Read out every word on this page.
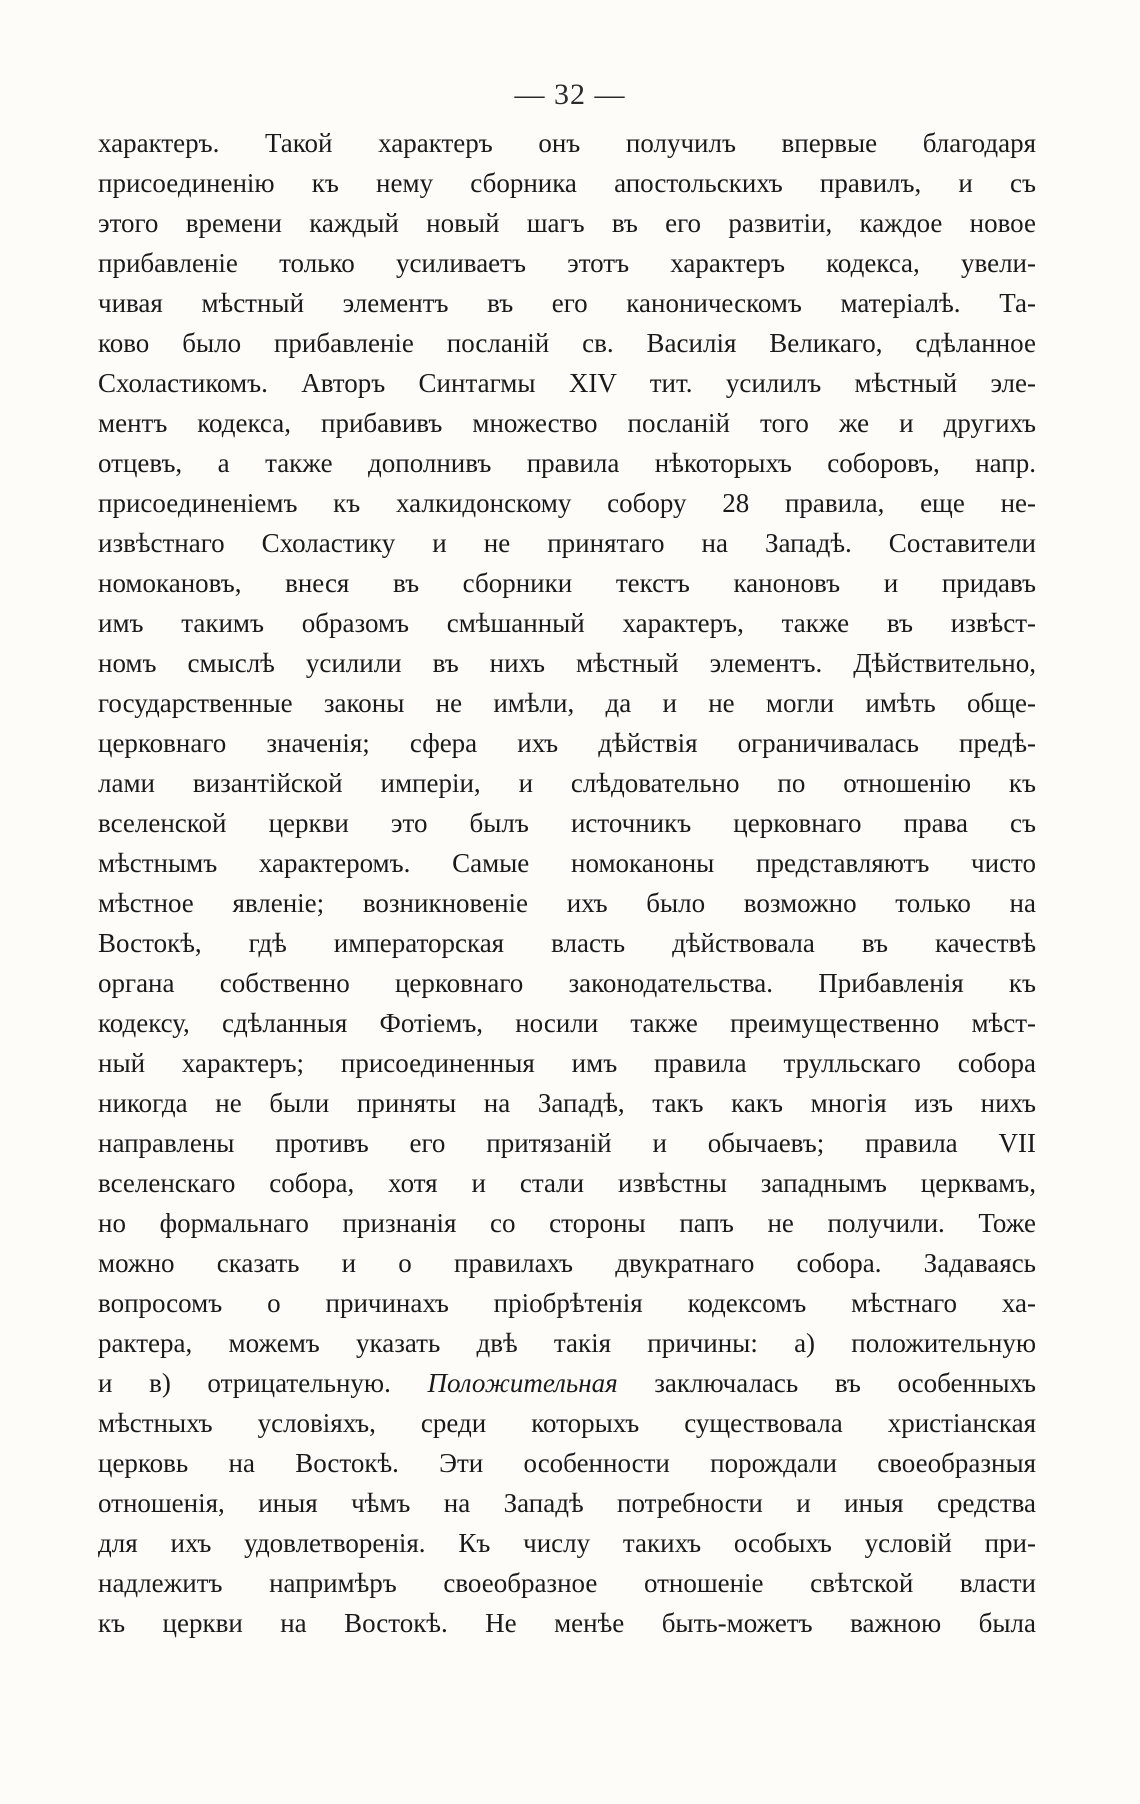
— 32 —
характеръ. Такой характеръ онъ получилъ впервые благодаря
присоединенію къ нему сборника апостольскихъ правилъ, и съ
этого времени каждый новый шагъ въ его развитіи, каждое новое
прибавленіе только усиливаетъ этотъ характеръ кодекса, увели-
чивая мѣстный элементъ въ его каноническомъ матеріалѣ. Та-
ково было прибавленіе посланій св. Василія Великаго, сдѣланное
Схоластикомъ. Авторъ Синтагмы XIV тит. усилилъ мѣстный эле-
ментъ кодекса, прибавивъ множество посланій того же и другихъ
отцевъ, а также дополнивъ правила нѣкоторыхъ соборовъ, напр.
присоединеніемъ къ халкидонскому собору 28 правила, еще не-
извѣстнаго Схоластику и не принятаго на Западѣ. Составители
номокановъ, внеся въ сборники текстъ каноновъ и придавъ
имъ такимъ образомъ смѣшанный характеръ, также въ извѣст-
номъ смыслѣ усилили въ нихъ мѣстный элементъ. Дѣйствительно,
государственные законы не имѣли, да и не могли имѣть обще-
церковнаго значенія; сфера ихъ дѣйствія ограничивалась предѣ-
лами византійской имперіи, и слѣдовательно по отношенію къ
вселенской церкви это былъ источникъ церковнаго права съ
мѣстнымъ характеромъ. Самые номоканоны представляютъ чисто
мѣстное явленіе; возникновеніе ихъ было возможно только на
Востокѣ, гдѣ императорская власть дѣйствовала въ качествѣ
органа собственно церковнаго законодательства. Прибавленія къ
кодексу, сдѣланныя Фотіемъ, носили также преимущественно мѣст-
ный характеръ; присоединенныя имъ правила трулльскаго собора
никогда не были приняты на Западѣ, такъ какъ многія изъ нихъ
направлены противъ его притязаній и обычаевъ; правила VII
вселенскаго собора, хотя и стали извѣстны западнымъ церквамъ,
но формальнаго признанія со стороны папъ не получили. Тоже
можно сказать и о правилахъ двукратнаго собора. Задаваясь
вопросомъ о причинахъ пріобрѣтенія кодексомъ мѣстнаго ха-
рактера, можемъ указать двѣ такія причины: а) положительную
и в) отрицательную. Положительная заключалась въ особенныхъ
мѣстныхъ условіяхъ, среди которыхъ существовала христіанская
церковь на Востокѣ. Эти особенности порождали своеобразныя
отношенія, иныя чѣмъ на Западѣ потребности и иныя средства
для ихъ удовлетворенія. Къ числу такихъ особыхъ условій при-
надлежитъ напримѣръ своеобразное отношеніе свѣтской власти
къ церкви на Востокѣ. Не менѣе быть-можетъ важною была
